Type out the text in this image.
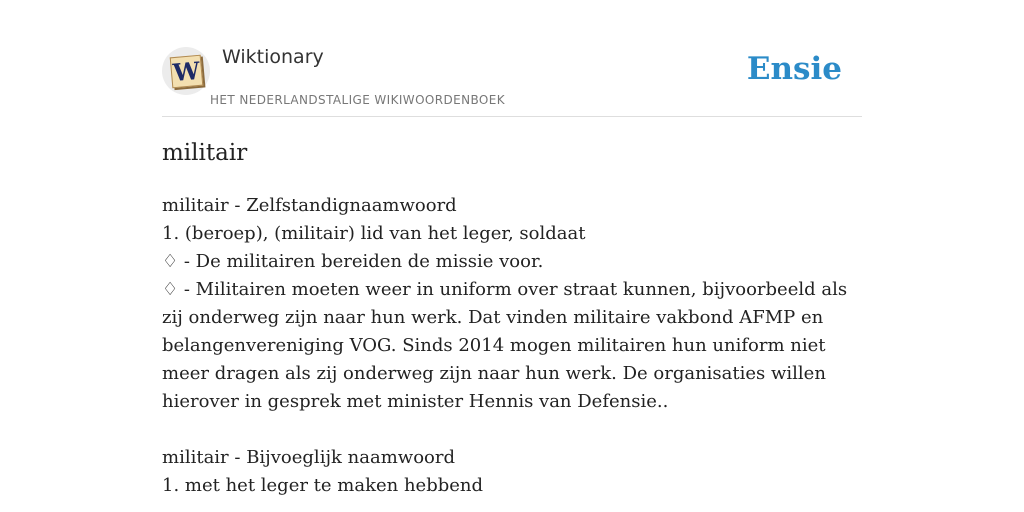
W Wiktionary
HET NEDERLANDSTALIGE WIKIWOORDENBOEK
Ensie
militair

militair - Zelfstandignaamwoord

1. (beroep), (militair) lid van het leger, soldaat

♢ - De militairen bereiden de missie voor.

♢ - Militairen moeten weer in uniform over straat kunnen, bijvoorbeeld als zij onderweg zijn naar hun werk. Dat vinden militaire vakbond AFMP en belangenvereniging VOG. Sinds 2014 mogen militairen hun uniform niet meer dragen als zij onderweg zijn naar hun werk. De organisaties willen hierover in gesprek met minister Hennis van Defensie..

militair - Bijvoeglijk naamwoord

1. met het leger te maken hebbend
